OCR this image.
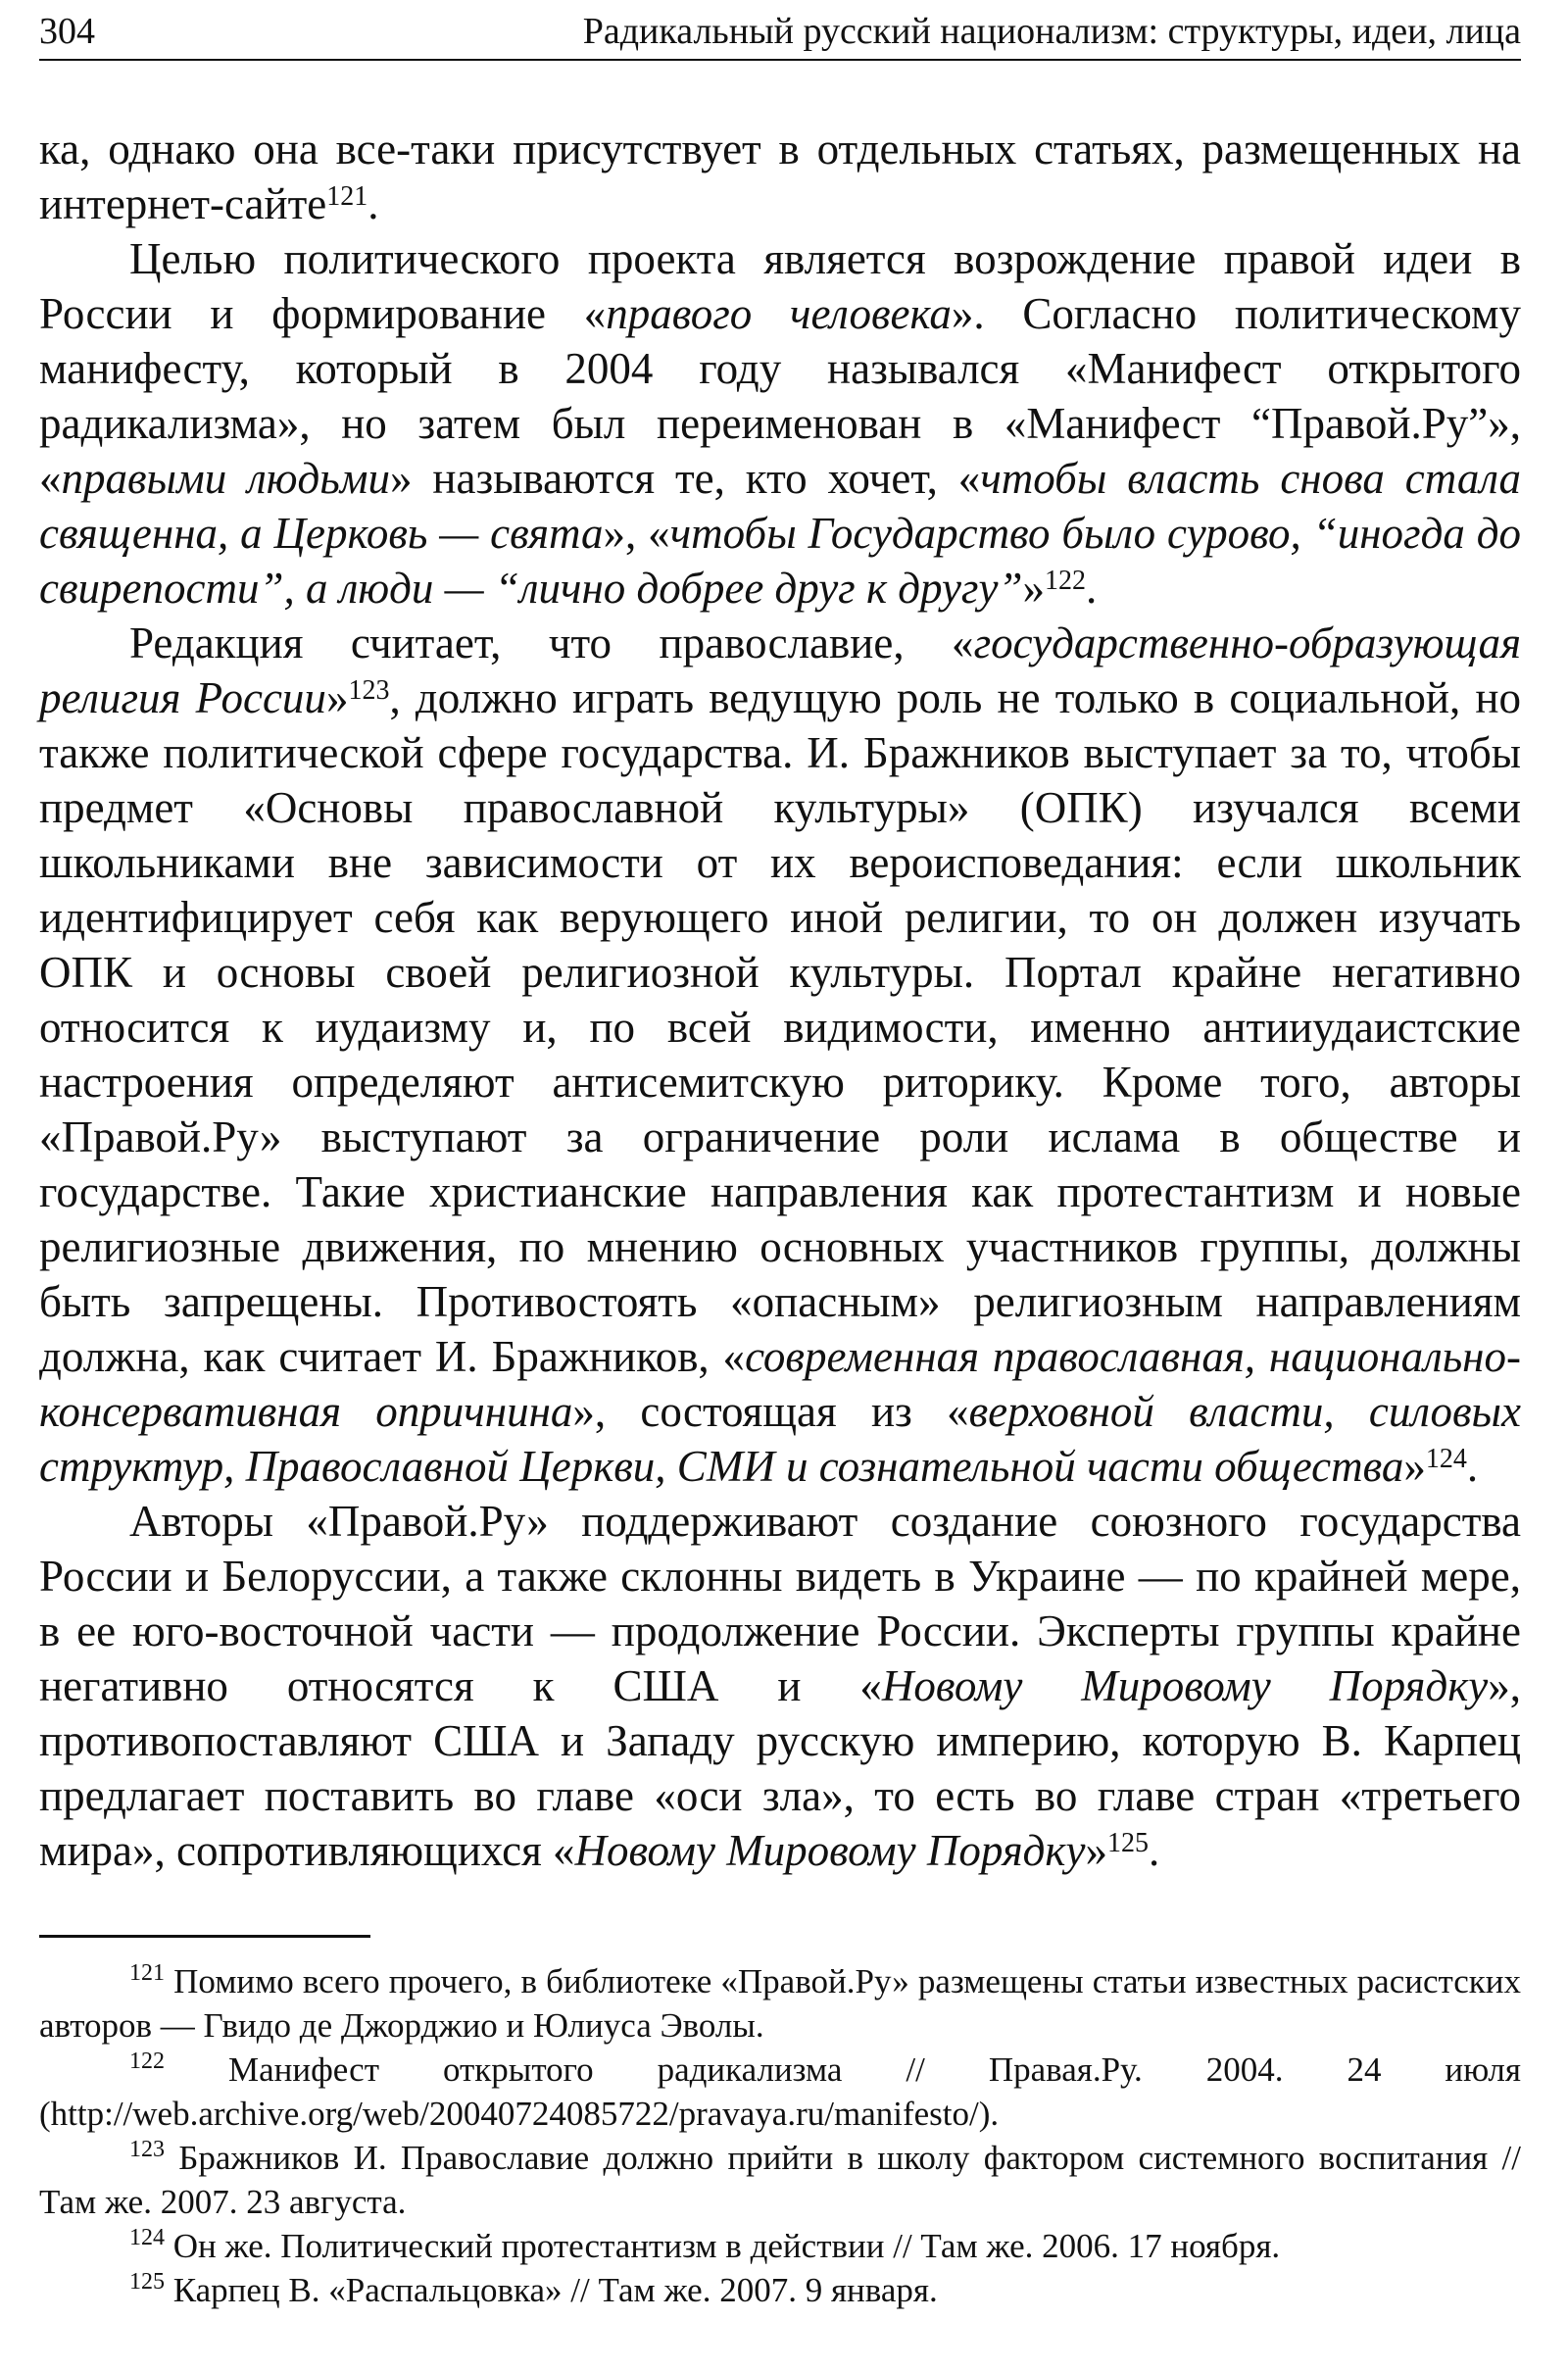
304	Радикальный русский национализм: структуры, идеи, лица

ка, однако она все-таки присутствует в отдельных статьях, размещенных на интернет-сайте$^{121}$.

Целью политического проекта является возрождение правой идеи в России и формирование «правого человека». Согласно политическому манифесту, который в 2004 году назывался «Манифест открытого радикализма», но затем был переименован в «Манифест “Правой.Ру”», «правыми людьми» называются те, кто хочет, «чтобы власть снова стала священна, а Церковь — свята», «чтобы Государство было сурово, “иногда до свирепости”, а люди — “лично добрее друг к другу”»$^{122}$.

Редакция считает, что православие, «государственно-образующая религия России»$^{123}$, должно играть ведущую роль не только в социальной, но также политической сфере государства. И. Бражников выступает за то, чтобы предмет «Основы православной культуры» (ОПК) изучался всеми школьниками вне зависимости от их вероисповедания: если школьник идентифицирует себя как верующего иной религии, то он должен изучать ОПК и основы своей религиозной культуры. Портал крайне негативно относится к иудаизму и, по всей видимости, именно антииудаистские настроения определяют антисемитскую риторику. Кроме того, авторы «Правой.Ру» выступают за ограничение роли ислама в обществе и государстве. Такие христианские направления как протестантизм и новые религиозные движения, по мнению основных участников группы, должны быть запрещены. Противостоять «опасным» религиозным направлениям должна, как считает И. Бражников, «современная православная, национально-консервативная опричнина», состоящая из «верховной власти, силовых структур, Православной Церкви, СМИ и сознательной части общества»$^{124}$.

Авторы «Правой.Ру» поддерживают создание союзного государства России и Белоруссии, а также склонны видеть в Украине — по крайней мере, в ее юго-восточной части — продолжение России. Эксперты группы крайне негативно относятся к США и «Новому Мировому Порядку», противопоставляют США и Западу русскую империю, которую В. Карпец предлагает поставить во главе «оси зла», то есть во главе стран «третьего мира», сопротивляющихся «Новому Мировому Порядку»$^{125}$.

$^{121}$ Помимо всего прочего, в библиотеке «Правой.Ру» размещены статьи известных расистских авторов — Гвидо де Джорджио и Юлиуса Эволы.

$^{122}$ Манифест открытого радикализма // Правая.Ру. 2004. 24 июля (http://web.archive.org/web/20040724085722/pravaya.ru/manifesto/).

$^{123}$ Бражников И. Православие должно прийти в школу фактором системного воспитания // Там же. 2007. 23 августа.

$^{124}$ Он же. Политический протестантизм в действии // Там же. 2006. 17 ноября.

$^{125}$ Карпец В. «Распальцовка» // Там же. 2007. 9 января.
